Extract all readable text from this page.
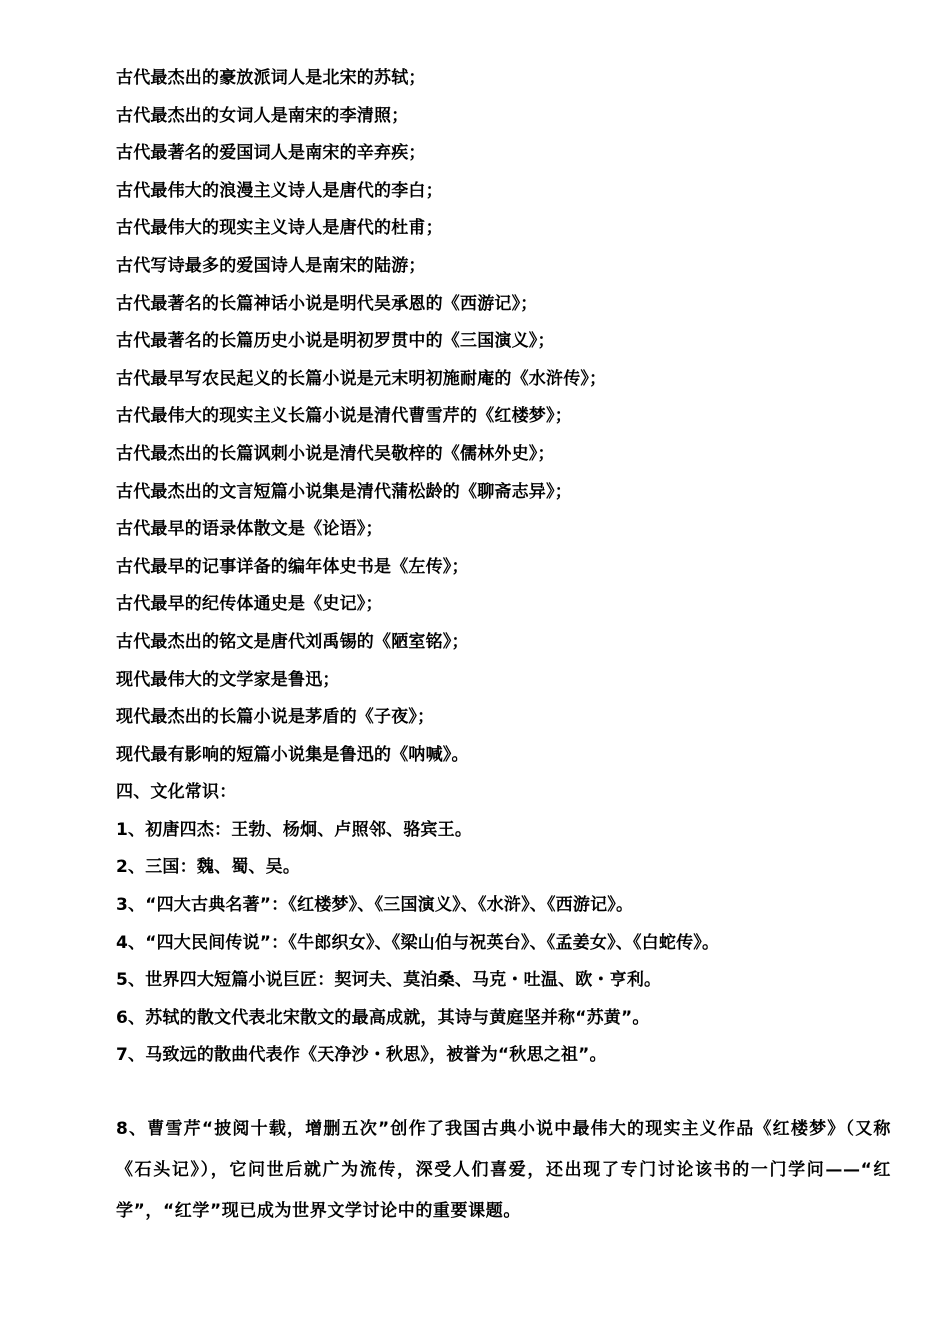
古代最杰出的豪放派词人是北宋的苏轼；
古代最杰出的女词人是南宋的李清照；
古代最著名的爱国词人是南宋的辛弃疾；
古代最伟大的浪漫主义诗人是唐代的李白；
古代最伟大的现实主义诗人是唐代的杜甫；
古代写诗最多的爱国诗人是南宋的陆游；
古代最著名的长篇神话小说是明代吴承恩的《西游记》；
古代最著名的长篇历史小说是明初罗贯中的《三国演义》；
古代最早写农民起义的长篇小说是元末明初施耐庵的《水浒传》；
古代最伟大的现实主义长篇小说是清代曹雪芹的《红楼梦》；
古代最杰出的长篇讽刺小说是清代吴敬梓的《儒林外史》；
古代最杰出的文言短篇小说集是清代蒲松龄的《聊斋志异》；
古代最早的语录体散文是《论语》；
古代最早的记事详备的编年体史书是《左传》；
古代最早的纪传体通史是《史记》；
古代最杰出的铭文是唐代刘禹锡的《陋室铭》；
现代最伟大的文学家是鲁迅；
现代最杰出的长篇小说是茅盾的《子夜》；
现代最有影响的短篇小说集是鲁迅的《呐喊》。
四、文化常识：
1、初唐四杰：王勃、杨炯、卢照邻、骆宾王。
2、三国：魏、蜀、吴。
3、“四大古典名著”：《红楼梦》、《三国演义》、《水浒》、《西游记》。
4、“四大民间传说”：《牛郎织女》、《梁山伯与祝英台》、《孟姜女》、《白蛇传》。
5、世界四大短篇小说巨匠：契诃夫、莫泊桑、马克・吐温、欧・亨利。
6、苏轼的散文代表北宋散文的最高成就，其诗与黄庭坚并称“苏黄”。
7、马致远的散曲代表作《天净沙・秋思》，被誉为“秋思之祖”。
8、曹雪芹“披阅十载，增删五次”创作了我国古典小说中最伟大的现实主义作品《红楼梦》（又称《石头记》），它问世后就广为流传，深受人们喜爱，还出现了专门讨论该书的一门学问——“红学”，“红学”现已成为世界文学讨论中的重要课题。
